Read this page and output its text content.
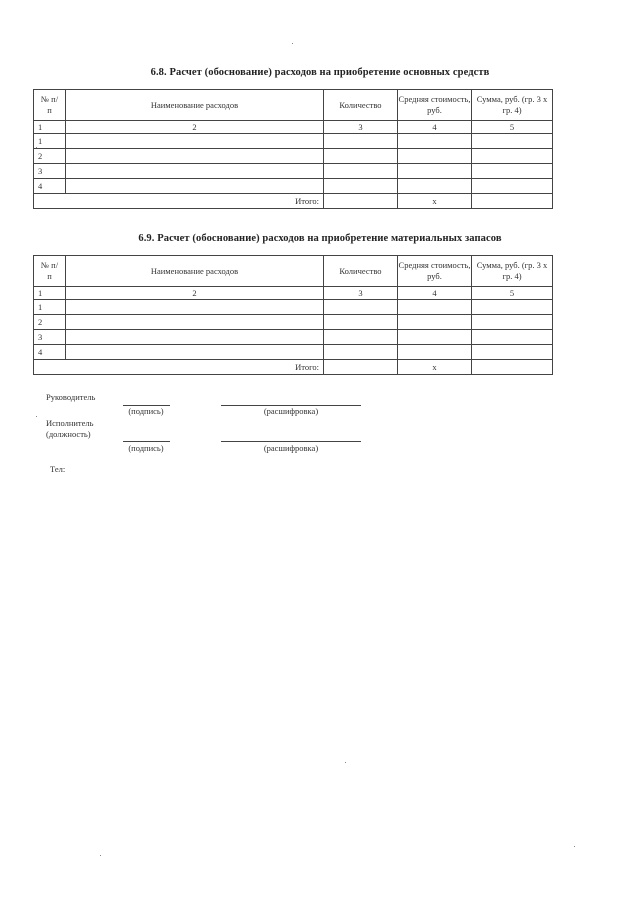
6.8. Расчет (обоснование) расходов на приобретение основных средств
№ п/п	Наименование расходов	Количество	Средняя стоимость, руб.	Сумма, руб. (гр. 3 х гр. 4)
1	2	3	4	5
1				
2				
3				
4				
Итого:			х	
6.9. Расчет (обоснование) расходов на приобретение материальных запасов
№ п/п	Наименование расходов	Количество	Средняя стоимость, руб.	Сумма, руб. (гр. 3 х гр. 4)
1	2	3	4	5
1				
2				
3				
4				
Итого:			х	
Руководитель
(подпись)	(расшифровка)
Исполнитель (должность)
(подпись)	(расшифровка)
Тел:
